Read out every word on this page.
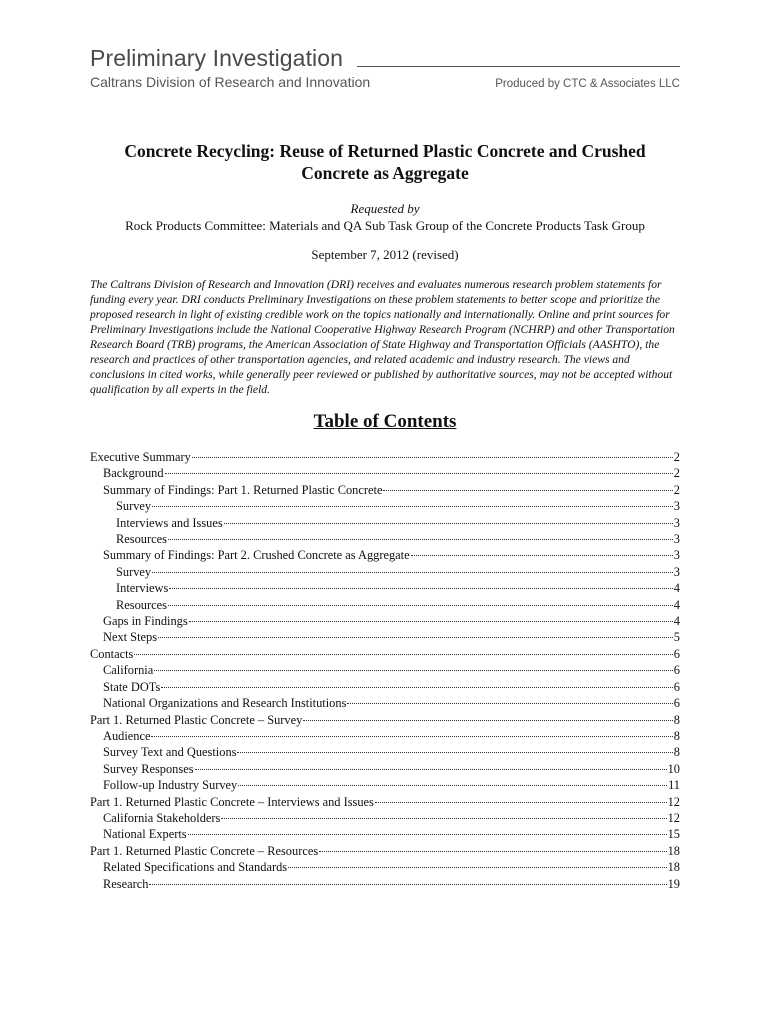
Preliminary Investigation
Caltrans Division of Research and Innovation	Produced by CTC & Associates LLC
Concrete Recycling: Reuse of Returned Plastic Concrete and Crushed Concrete as Aggregate
Requested by
Rock Products Committee: Materials and QA Sub Task Group of the Concrete Products Task Group
September 7, 2012 (revised)
The Caltrans Division of Research and Innovation (DRI) receives and evaluates numerous research problem statements for funding every year. DRI conducts Preliminary Investigations on these problem statements to better scope and prioritize the proposed research in light of existing credible work on the topics nationally and internationally. Online and print sources for Preliminary Investigations include the National Cooperative Highway Research Program (NCHRP) and other Transportation Research Board (TRB) programs, the American Association of State Highway and Transportation Officials (AASHTO), the research and practices of other transportation agencies, and related academic and industry research. The views and conclusions in cited works, while generally peer reviewed or published by authoritative sources, may not be accepted without qualification by all experts in the field.
Table of Contents
Executive Summary	2
Background	2
Summary of Findings: Part 1. Returned Plastic Concrete	2
Survey	3
Interviews and Issues	3
Resources	3
Summary of Findings: Part 2. Crushed Concrete as Aggregate	3
Survey	3
Interviews	4
Resources	4
Gaps in Findings	4
Next Steps	5
Contacts	6
California	6
State DOTs	6
National Organizations and Research Institutions	6
Part 1. Returned Plastic Concrete – Survey	8
Audience	8
Survey Text and Questions	8
Survey Responses	10
Follow-up Industry Survey	11
Part 1. Returned Plastic Concrete – Interviews and Issues	12
California Stakeholders	12
National Experts	15
Part 1. Returned Plastic Concrete – Resources	18
Related Specifications and Standards	18
Research	19
